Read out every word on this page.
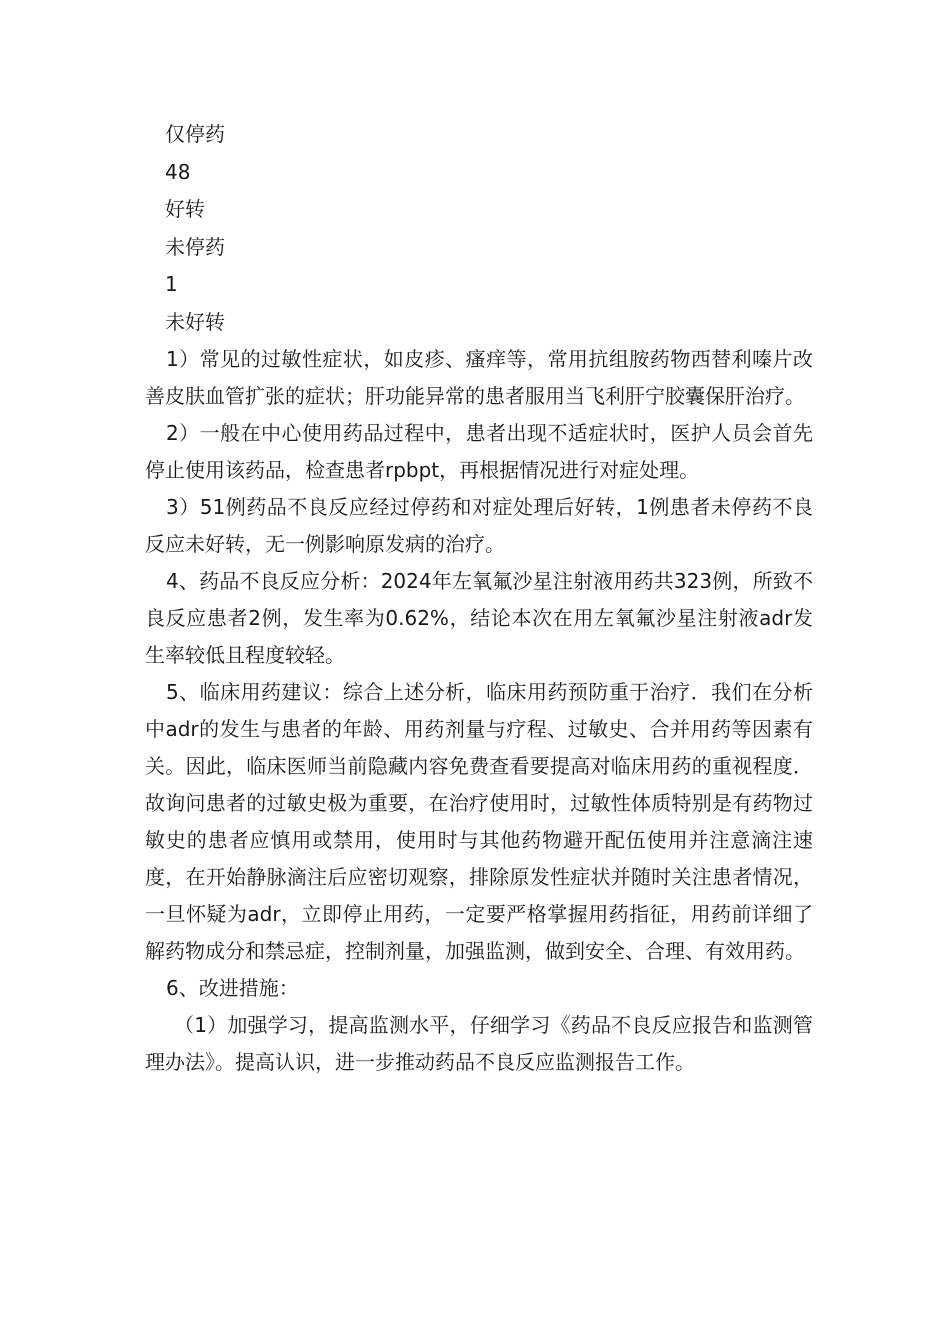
仅停药

48

好转

未停药

1

未好转

1）常见的过敏性症状，如皮疹、瘙痒等，常用抗组胺药物西替利嗪片改善皮肤血管扩张的症状；肝功能异常的患者服用当飞利肝宁胶囊保肝治疗。

2）一般在中心使用药品过程中，患者出现不适症状时，医护人员会首先停止使用该药品，检查患者rpbpt，再根据情况进行对症处理。

3）51例药品不良反应经过停药和对症处理后好转，1例患者未停药不良反应未好转，无一例影响原发病的治疗。

4、药品不良反应分析：2024年左氧氟沙星注射液用药共323例，所致不良反应患者2例，发生率为0.62%，结论本次在用左氧氟沙星注射液adr发生率较低且程度较轻。

5、临床用药建议：综合上述分析，临床用药预防重于治疗．我们在分析中adr的发生与患者的年龄、用药剂量与疗程、过敏史、合并用药等因素有关。因此，临床医师当前隐藏内容免费查看要提高对临床用药的重视程度．故询问患者的过敏史极为重要，在治疗使用时，过敏性体质特别是有药物过敏史的患者应慎用或禁用，使用时与其他药物避开配伍使用并注意滴注速度，在开始静脉滴注后应密切观察，排除原发性症状并随时关注患者情况，一旦怀疑为adr，立即停止用药，一定要严格掌握用药指征，用药前详细了解药物成分和禁忌症，控制剂量，加强监测，做到安全、合理、有效用药。

6、改进措施：

（1）加强学习，提高监测水平，仔细学习《药品不良反应报告和监测管理办法》。提高认识，进一步推动药品不良反应监测报告工作。
